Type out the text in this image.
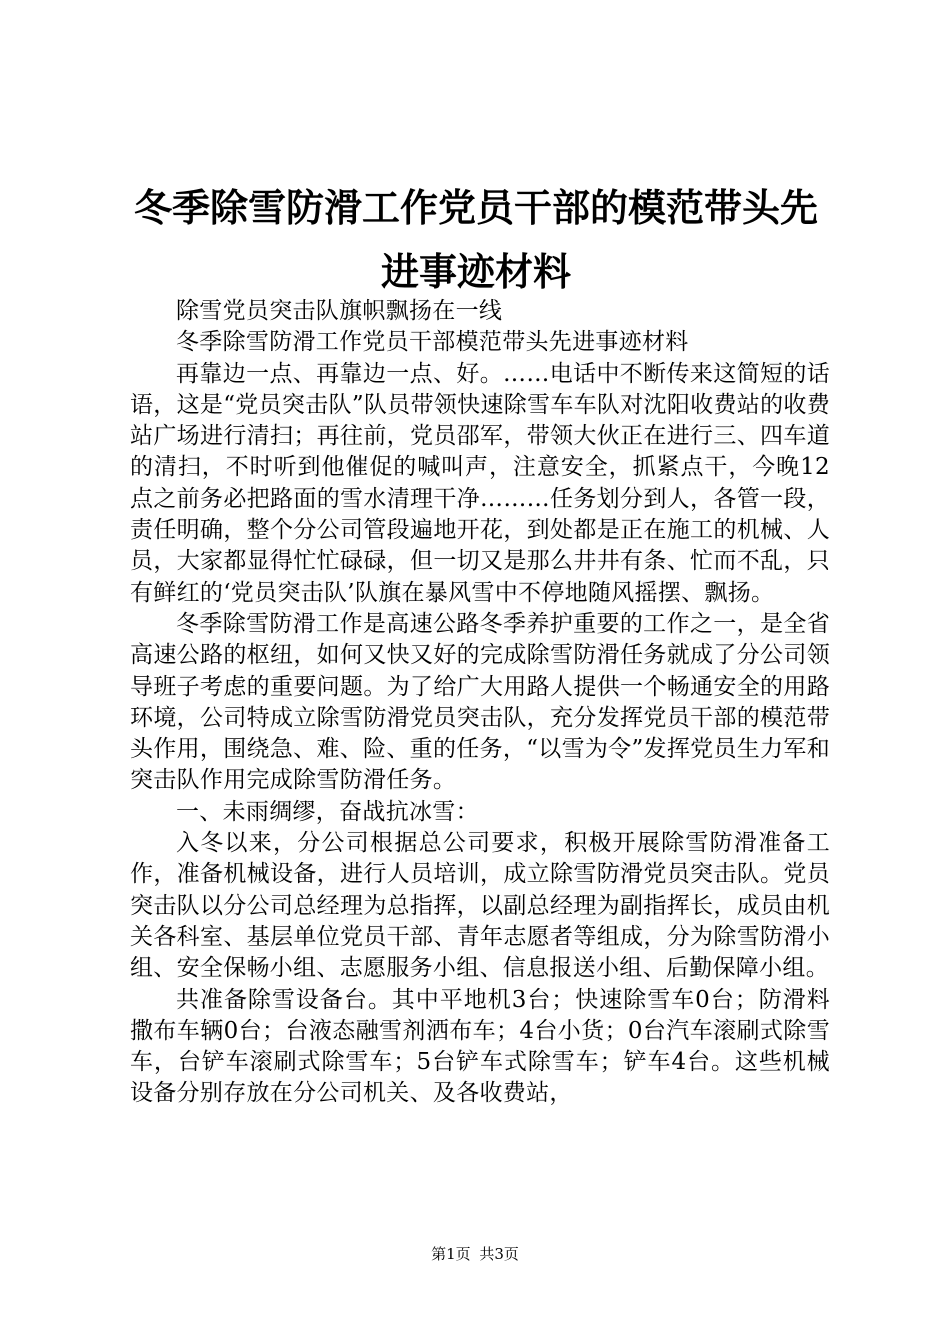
冬季除雪防滑工作党员干部的模范带头先进事迹材料

除雪党员突击队旗帜飘扬在一线

冬季除雪防滑工作党员干部模范带头先进事迹材料

再靠边一点、再靠边一点、好。……电话中不断传来这简短的话语，这是“党员突击队”队员带领快速除雪车车队对沈阳收费站的收费站广场进行清扫；再往前，党员邵军，带领大伙正在进行三、四车道的清扫，不时听到他催促的喊叫声，注意安全，抓紧点干，今晚12点之前务必把路面的雪水清理干净………任务划分到人，各管一段，责任明确，整个分公司管段遍地开花，到处都是正在施工的机械、人员，大家都显得忙忙碌碌，但一切又是那么井井有条、忙而不乱，只有鲜红的‘党员突击队’队旗在暴风雪中不停地随风摇摆、飘扬。

冬季除雪防滑工作是高速公路冬季养护重要的工作之一，是全省高速公路的枢纽，如何又快又好的完成除雪防滑任务就成了分公司领导班子考虑的重要问题。为了给广大用路人提供一个畅通安全的用路环境，公司特成立除雪防滑党员突击队，充分发挥党员干部的模范带头作用，围绕急、难、险、重的任务，“以雪为令”发挥党员生力军和突击队作用完成除雪防滑任务。

一、未雨绸缪，奋战抗冰雪：

入冬以来，分公司根据总公司要求，积极开展除雪防滑准备工作，准备机械设备，进行人员培训，成立除雪防滑党员突击队。党员突击队以分公司总经理为总指挥，以副总经理为副指挥长，成员由机关各科室、基层单位党员干部、青年志愿者等组成，分为除雪防滑小组、安全保畅小组、志愿服务小组、信息报送小组、后勤保障小组。

共准备除雪设备台。其中平地机3台；快速除雪车0台；防滑料撒布车辆0台；台液态融雪剂洒布车；4台小货；0台汽车滚刷式除雪车，台铲车滚刷式除雪车；5台铲车式除雪车；铲车4台。这些机械设备分别存放在分公司机关、及各收费站，

第1页 共3页
